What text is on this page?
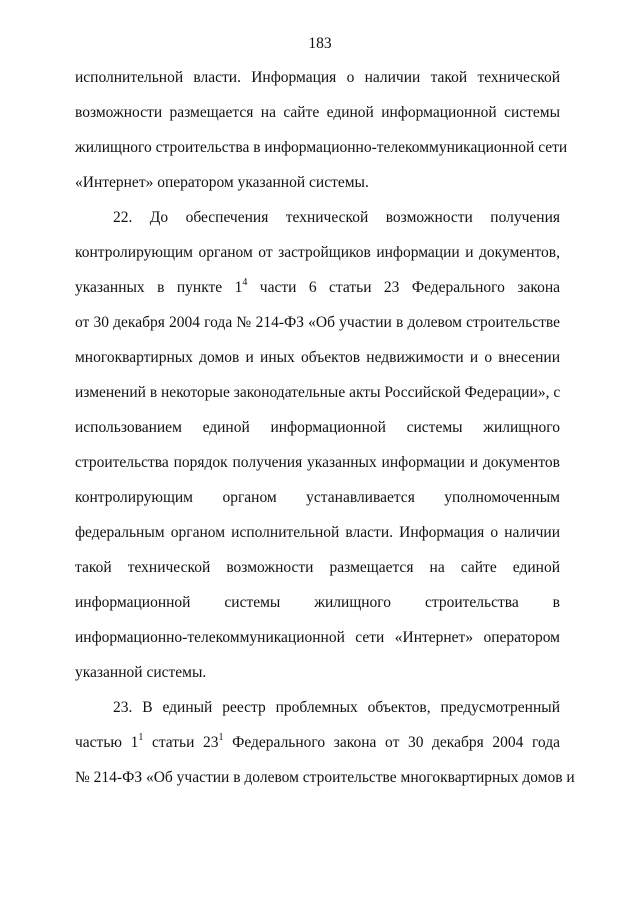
183
исполнительной власти. Информация о наличии такой технической
возможности размещается на сайте единой информационной системы
жилищного строительства в информационно-телекоммуникационной сети
«Интернет» оператором указанной системы.
22. До обеспечения технической возможности получения
контролирующим органом от застройщиков информации и документов,
указанных в пункте $1^4$ части 6 статьи 23 Федерального закона
от 30 декабря 2004 года № 214-ФЗ «Об участии в долевом строительстве
многоквартирных домов и иных объектов недвижимости и о внесении
изменений в некоторые законодательные акты Российской Федерации», с
использованием единой информационной системы жилищного
строительства порядок получения указанных информации и документов
контролирующим органом устанавливается уполномоченным
федеральным органом исполнительной власти. Информация о наличии
такой технической возможности размещается на сайте единой
информационной системы жилищного строительства в
информационно-телекоммуникационной сети «Интернет» оператором
указанной системы.
23. В единый реестр проблемных объектов, предусмотренный
частью $1^1$ статьи $23^1$ Федерального закона от 30 декабря 2004 года
№ 214-ФЗ «Об участии в долевом строительстве многоквартирных домов и
